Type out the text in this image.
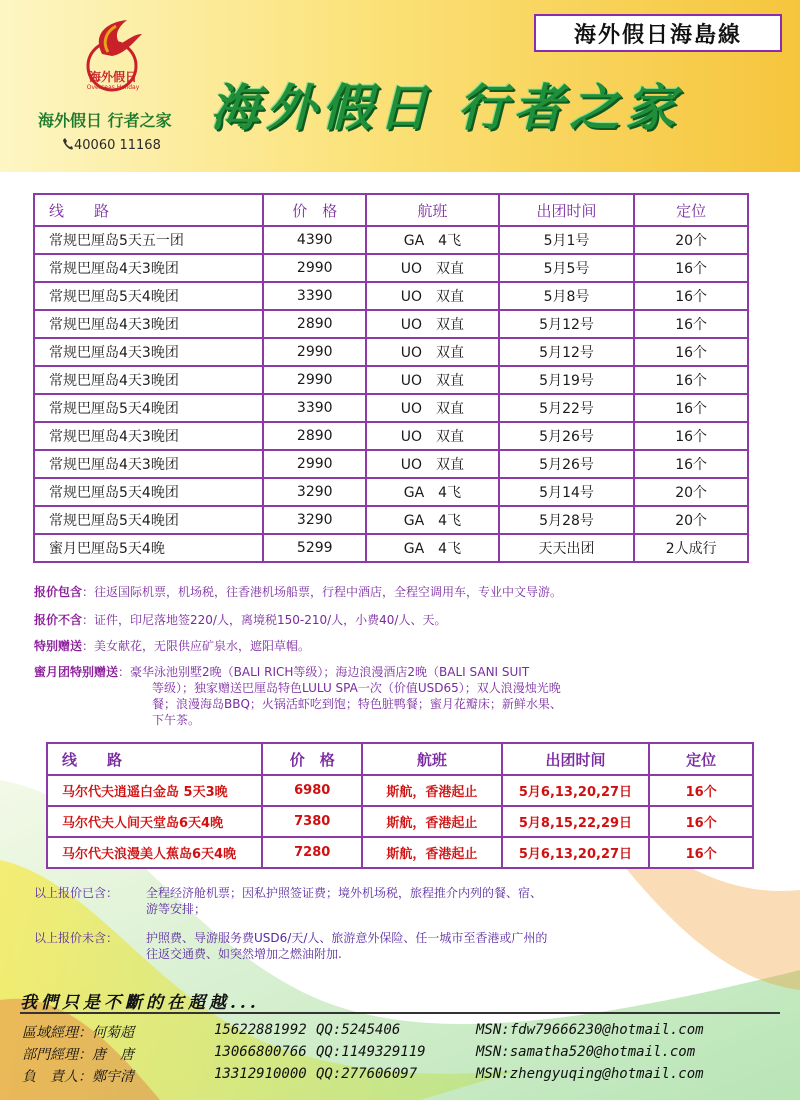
海外假日
Overseas Holiday
海外假日 行者之家
40060 11168
海外假日海島線
海外假日 行者之家
线　　路	价　格	航班	出团时间	定位
常规巴厘岛5天五一团	4390	GA　4飞	5月1号	20个
常规巴厘岛4天3晚团	2990	UO　双直	5月5号	16个
常规巴厘岛5天4晚团	3390	UO　双直	5月8号	16个
常规巴厘岛4天3晚团	2890	UO　双直	5月12号	16个
常规巴厘岛4天3晚团	2990	UO　双直	5月12号	16个
常规巴厘岛4天3晚团	2990	UO　双直	5月19号	16个
常规巴厘岛5天4晚团	3390	UO　双直	5月22号	16个
常规巴厘岛4天3晚团	2890	UO　双直	5月26号	16个
常规巴厘岛4天3晚团	2990	UO　双直	5月26号	16个
常规巴厘岛5天4晚团	3290	GA　4飞	5月14号	20个
常规巴厘岛5天4晚团	3290	GA　4飞	5月28号	20个
蜜月巴厘岛5天4晚	5299	GA　4飞	天天出团	2人成行
报价包含：往返国际机票，机场税，往香港机场船票，行程中酒店，全程空调用车，专业中文导游。
报价不含：证件，印尼落地签220/人，离境税150-210/人，小费40/人、天。
特别赠送：美女献花，无限供应矿泉水，遮阳草帽。
蜜月团特别赠送：豪华泳池别墅2晚（BALI RICH等级）；海边浪漫酒店2晚（BALI SANI SUIT
等级）；独家赠送巴厘岛特色LULU SPA一次（价值USD65）；双人浪漫烛光晚
餐；浪漫海岛BBQ；火锅活虾吃到饱；特色脏鸭餐；蜜月花瓣床；新鲜水果、
下午茶。
线　　路	价　格	航班	出团时间	定位
马尔代夫逍遥白金岛 5天3晚	6980	斯航，香港起止	5月6,13,20,27日	16个
马尔代夫人间天堂岛6天4晚	7380	斯航，香港起止	5月8,15,22,29日	16个
马尔代夫浪漫美人蕉岛6天4晚	7280	斯航，香港起止	5月6,13,20,27日	16个
以上报价已含： 全程经济舱机票；因私护照签证费；境外机场税，旅程推介内列的餐、宿、
游等安排；
以上报价未含： 护照费、导游服务费USD6/天/人、旅游意外保险、任一城市至香港或广州的
往返交通费、如突然增加之燃油附加.
我們只是不斷的在超越...
區域經理：何菊超	15622881992 QQ:5245406	MSN:fdw79666230@hotmail.com
部門經理：唐　唐	13066800766 QQ:1149329119	MSN:samatha520@hotmail.com
負　責人：鄭宇清	13312910000 QQ:277606097	MSN:zhengyuqing@hotmail.com
